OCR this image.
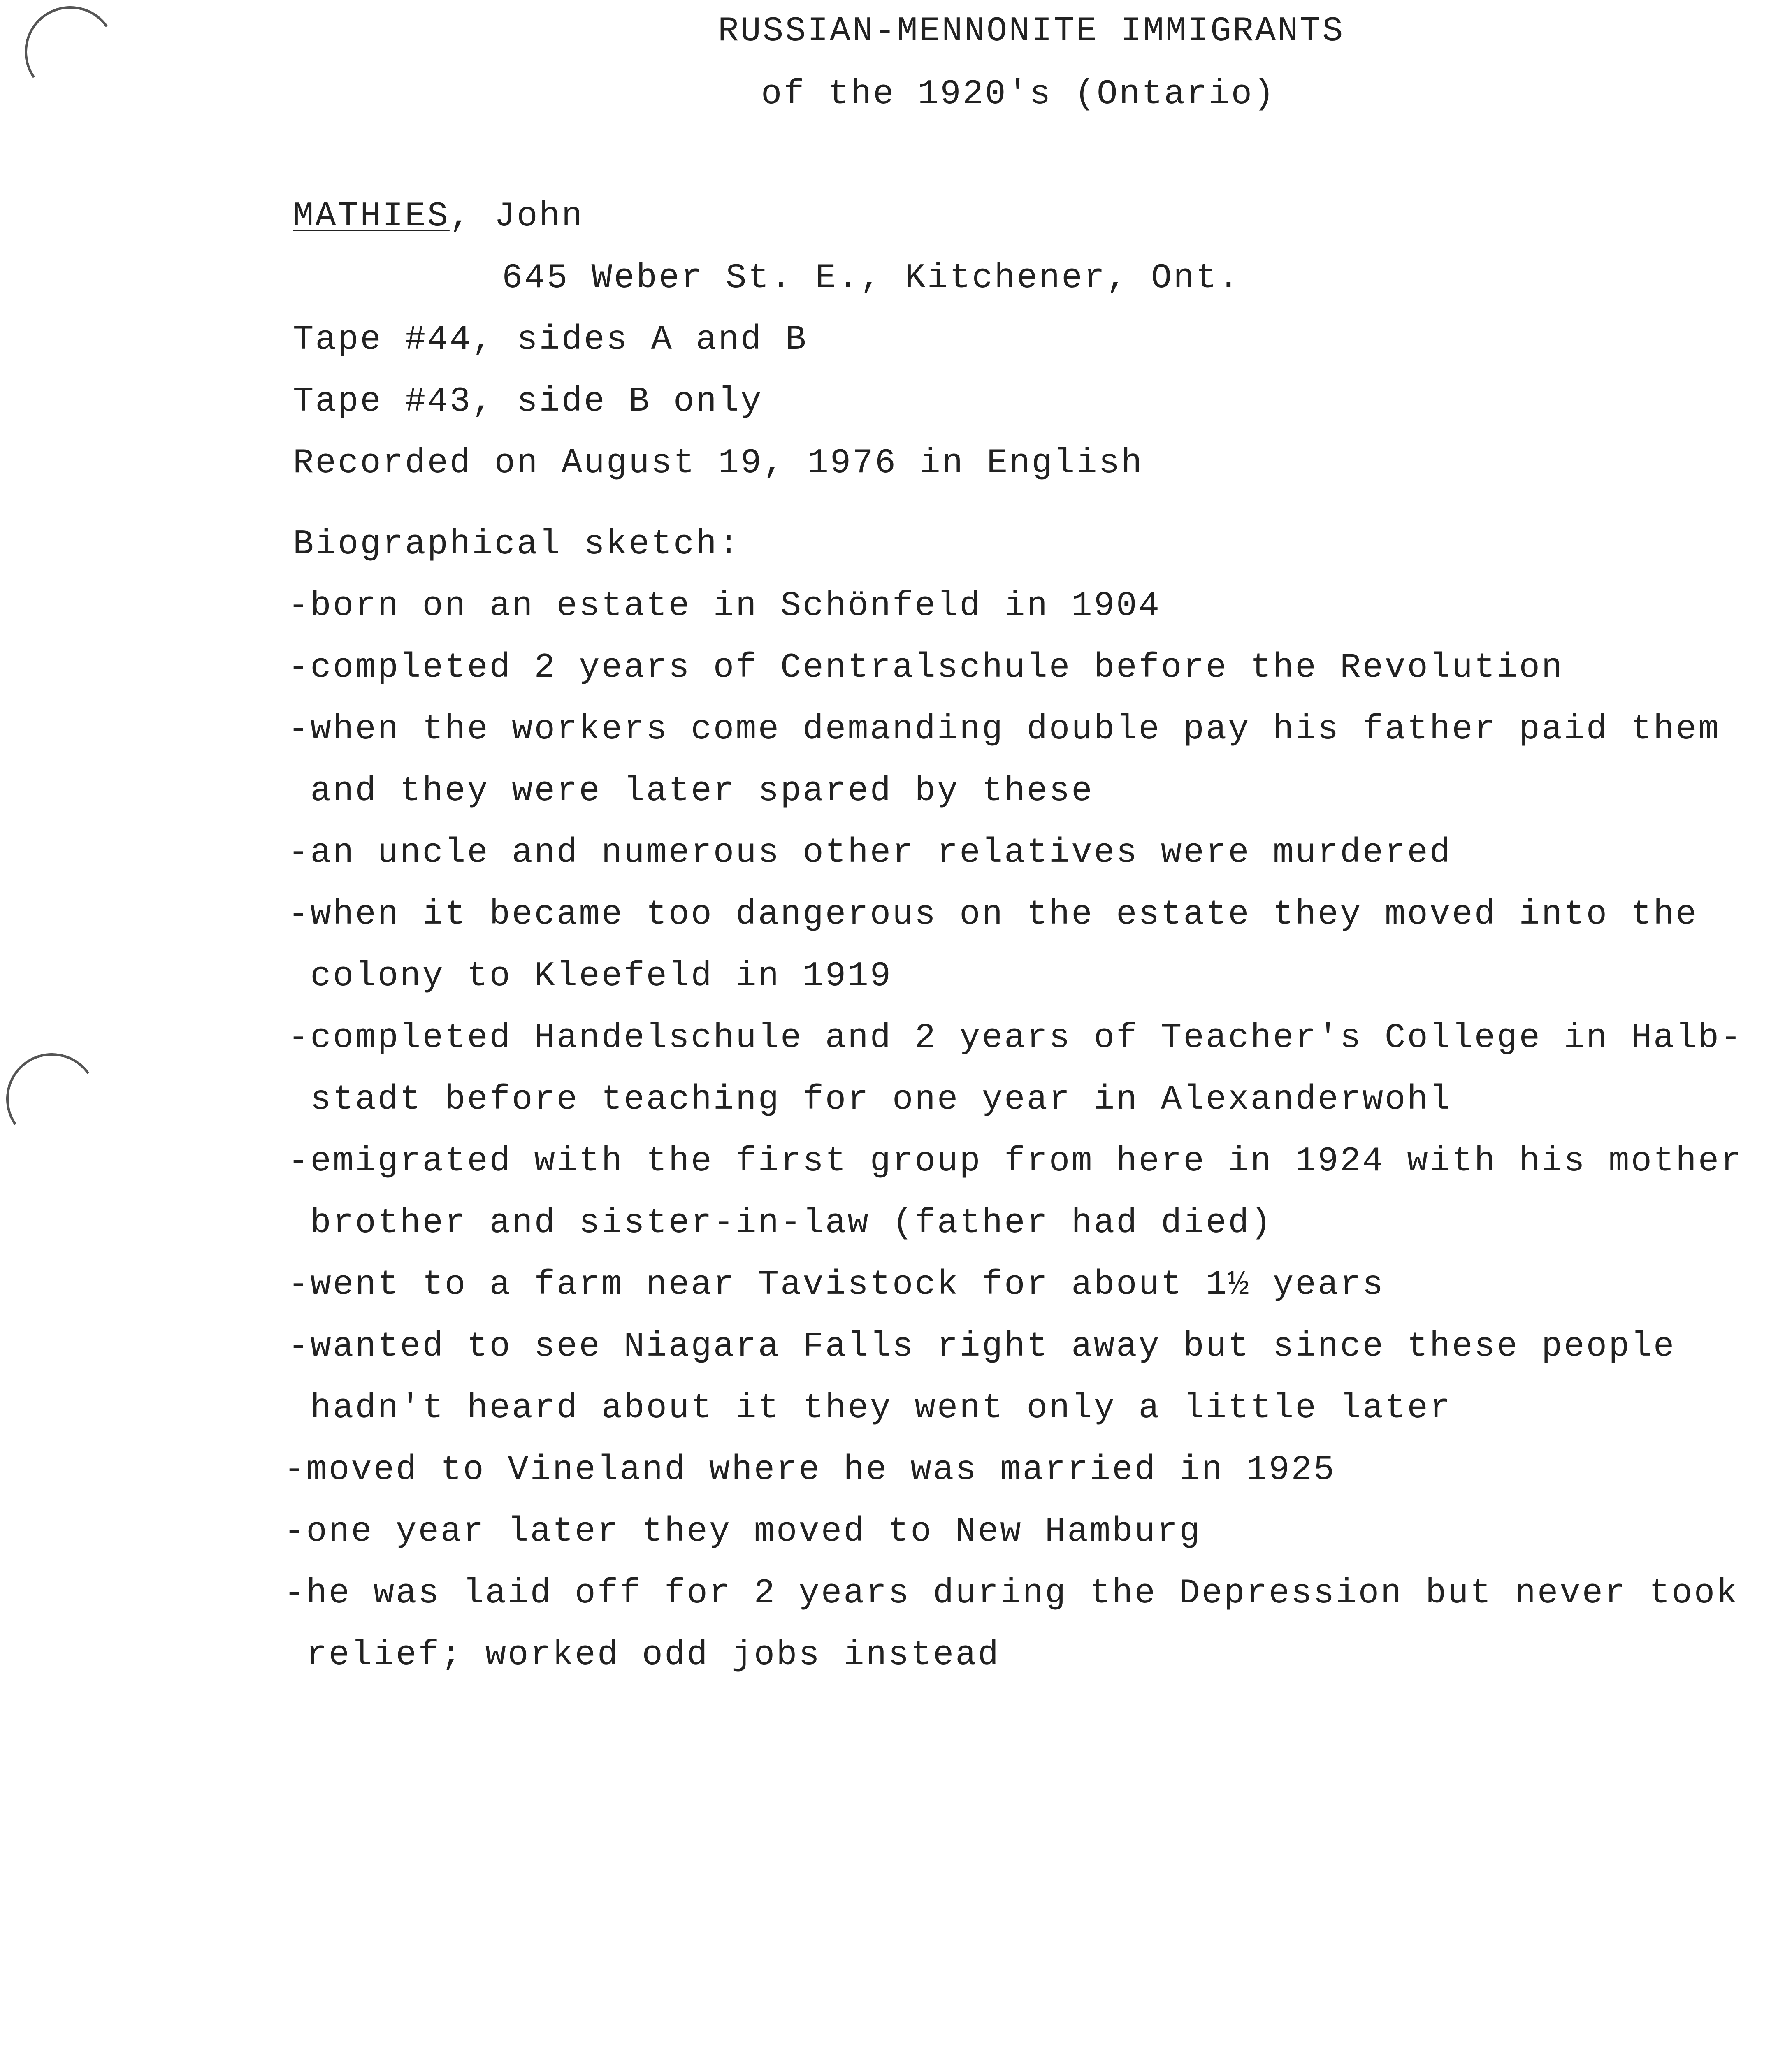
RUSSIAN-MENNONITE IMMIGRANTS

of the 1920's (Ontario)

MATHIES, John

645 Weber St. E., Kitchener, Ont.

Tape #44, sides A and B

Tape #43, side B only

Recorded on August 19, 1976 in English

Biographical sketch:

-born on an estate in Schönfeld in 1904

-completed 2 years of Centralschule before the Revolution

-when the workers come demanding double pay his father paid them

and they were later spared by these

-an uncle and numerous other relatives were murdered

-when it became too dangerous on the estate they moved into the

colony to Kleefeld in 1919

-completed Handelschule and 2 years of Teacher's College in Halb-

stadt before teaching for one year in Alexanderwohl

-emigrated with the first group from here in 1924 with his mother

brother and sister-in-law (father had died)

-went to a farm near Tavistock for about 1½ years

-wanted to see Niagara Falls right away but since these people

hadn't heard about it they went only a little later

-moved to Vineland where he was married in 1925

-one year later they moved to New Hamburg

-he was laid off for 2 years during the Depression but never took

relief; worked odd jobs instead
